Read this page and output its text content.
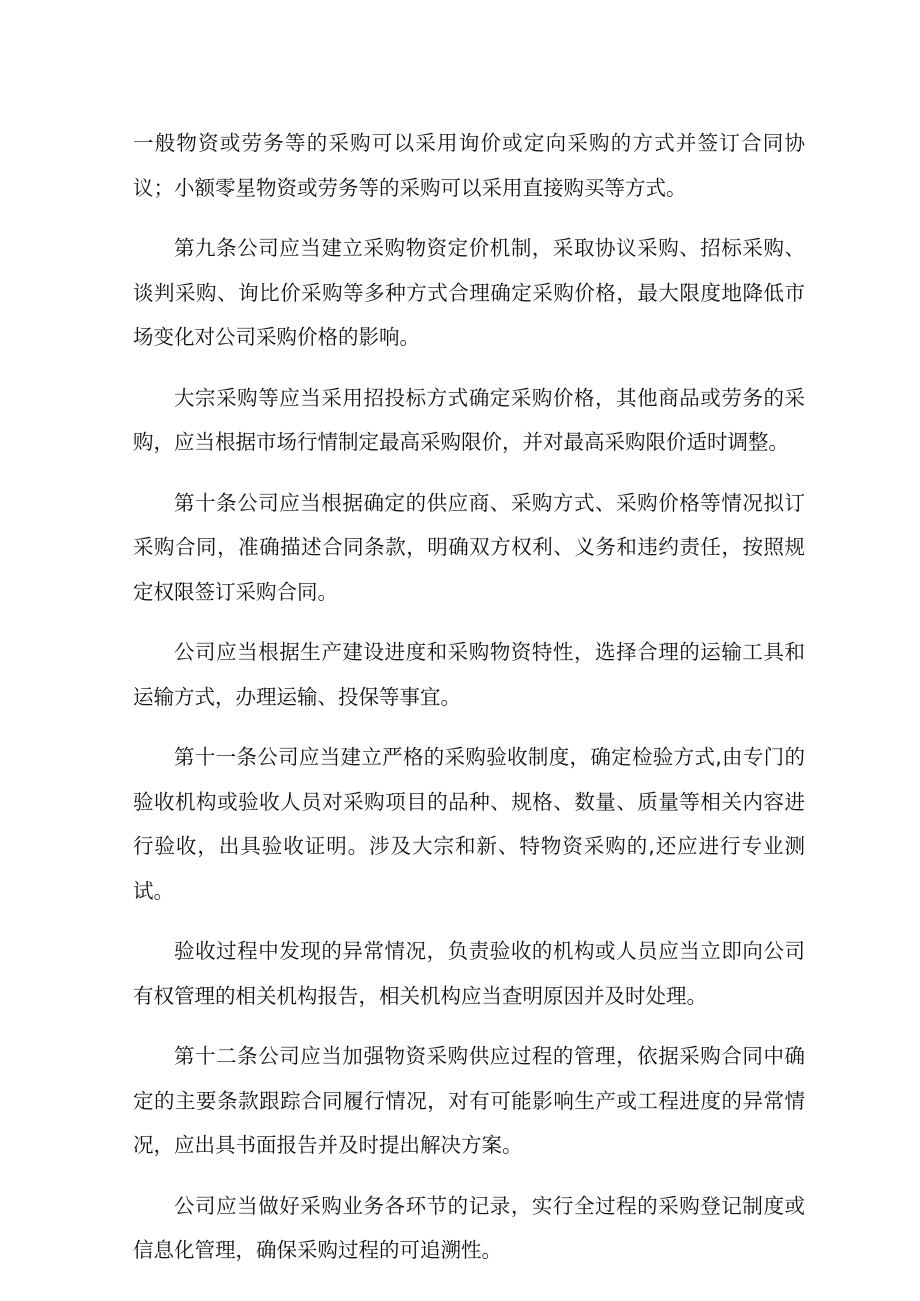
一般物资或劳务等的采购可以采用询价或定向采购的方式并签订合同协议；小额零星物资或劳务等的采购可以采用直接购买等方式。

第九条公司应当建立采购物资定价机制，采取协议采购、招标采购、谈判采购、询比价采购等多种方式合理确定采购价格，最大限度地降低市场变化对公司采购价格的影响。

大宗采购等应当采用招投标方式确定采购价格，其他商品或劳务的采购，应当根据市场行情制定最高采购限价，并对最高采购限价适时调整。

第十条公司应当根据确定的供应商、采购方式、采购价格等情况拟订采购合同，准确描述合同条款，明确双方权利、义务和违约责任，按照规定权限签订采购合同。

公司应当根据生产建设进度和采购物资特性，选择合理的运输工具和运输方式，办理运输、投保等事宜。

第十一条公司应当建立严格的采购验收制度，确定检验方式,由专门的验收机构或验收人员对采购项目的品种、规格、数量、质量等相关内容进行验收，出具验收证明。涉及大宗和新、特物资采购的,还应进行专业测试。

验收过程中发现的异常情况，负责验收的机构或人员应当立即向公司有权管理的相关机构报告，相关机构应当查明原因并及时处理。

第十二条公司应当加强物资采购供应过程的管理，依据采购合同中确定的主要条款跟踪合同履行情况，对有可能影响生产或工程进度的异常情况，应出具书面报告并及时提出解决方案。

公司应当做好采购业务各环节的记录，实行全过程的采购登记制度或信息化管理，确保采购过程的可追溯性。
